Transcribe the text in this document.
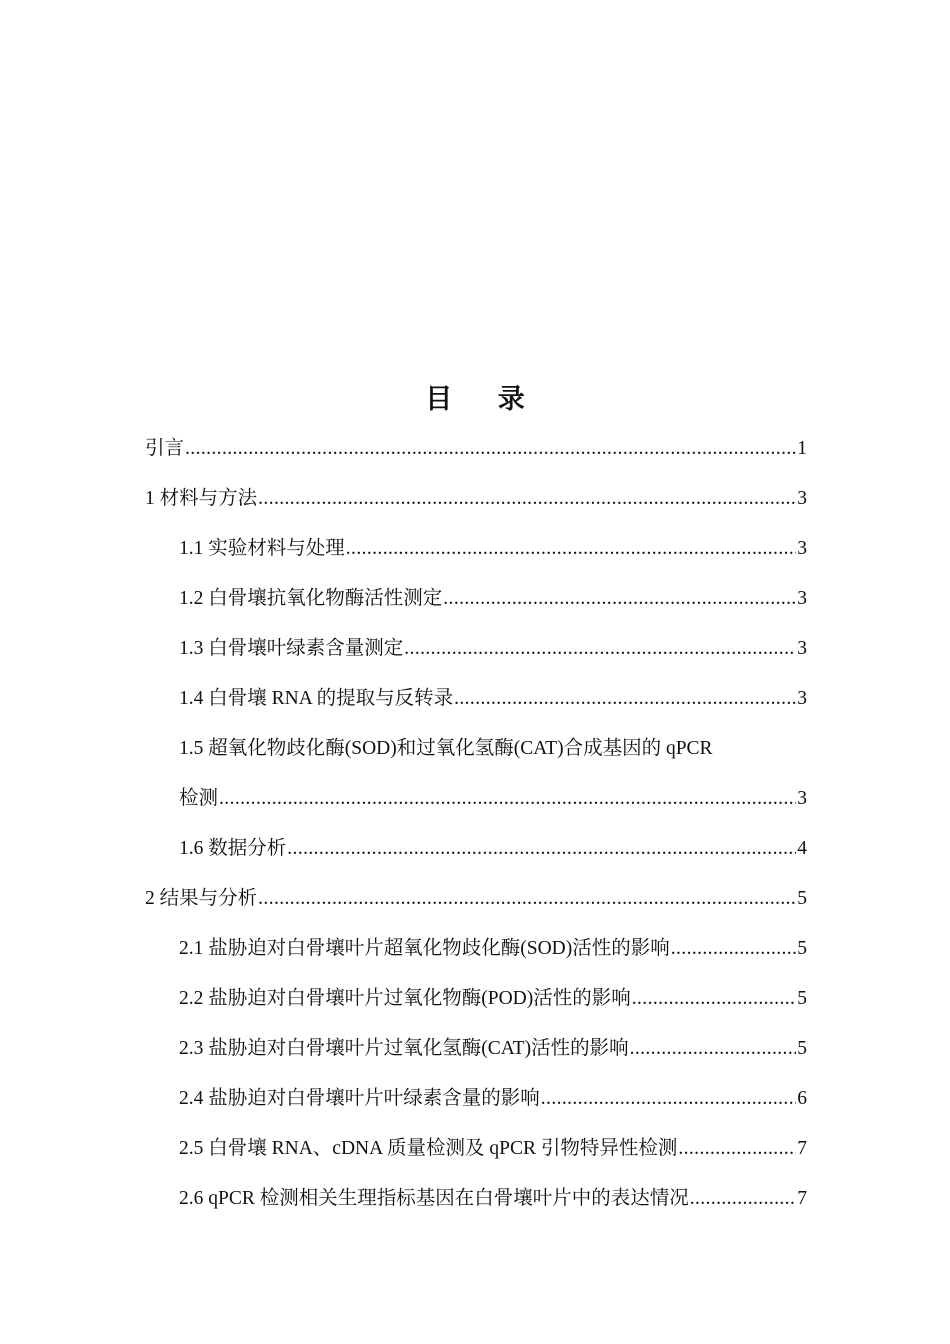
目 录
引言 .....	1
1 材料与方法 .....	3
1.1 实验材料与处理 .....	3
1.2 白骨壤抗氧化物酶活性测定 .....	3
1.3 白骨壤叶绿素含量测定 .....	3
1.4 白骨壤 RNA 的提取与反转录 .....	3
1.5 超氧化物歧化酶(SOD)和过氧化氢酶(CAT)合成基因的 qPCR
检测 .....	3
1.6 数据分析 .....	4
2 结果与分析 .....	5
2.1 盐胁迫对白骨壤叶片超氧化物歧化酶(SOD)活性的影响 .....	5
2.2 盐胁迫对白骨壤叶片过氧化物酶(POD)活性的影响 .....	5
2.3 盐胁迫对白骨壤叶片过氧化氢酶(CAT)活性的影响 .....	5
2.4 盐胁迫对白骨壤叶片叶绿素含量的影响 .....	6
2.5 白骨壤 RNA、cDNA 质量检测及 qPCR 引物特异性检测 .....	7
2.6 qPCR 检测相关生理指标基因在白骨壤叶片中的表达情况 .....	7
